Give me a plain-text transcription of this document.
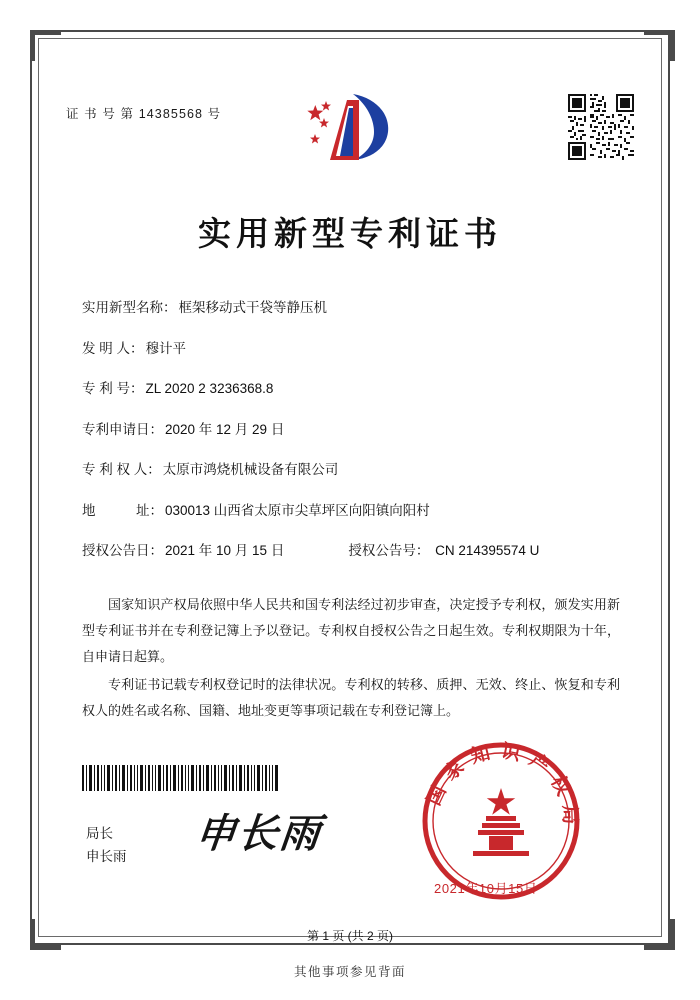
证 书 号 第 14385568 号
实用新型专利证书
实用新型名称： 框架移动式干袋等静压机
发 明 人： 穆计平
专 利 号： ZL 2020 2 3236368.8
专利申请日： 2020 年 12 月 29 日
专 利 权 人： 太原市鸿烧机械设备有限公司
地　　　址： 030013 山西省太原市尖草坪区向阳镇向阳村
授权公告日： 2021 年 10 月 15 日	授权公告号： CN 214395574 U

国家知识产权局依照中华人民共和国专利法经过初步审查，决定授予专利权，颁发实用新型专利证书并在专利登记簿上予以登记。专利权自授权公告之日起生效。专利权期限为十年，自申请日起算。

专利证书记载专利权登记时的法律状况。专利权的转移、质押、无效、终止、恢复和专利权人的姓名或名称、国籍、地址变更等事项记载在专利登记簿上。

局长
申长雨 申长雨
国家知识产权局
2021年10月15日
第 1 页 (共 2 页)
其他事项参见背面
